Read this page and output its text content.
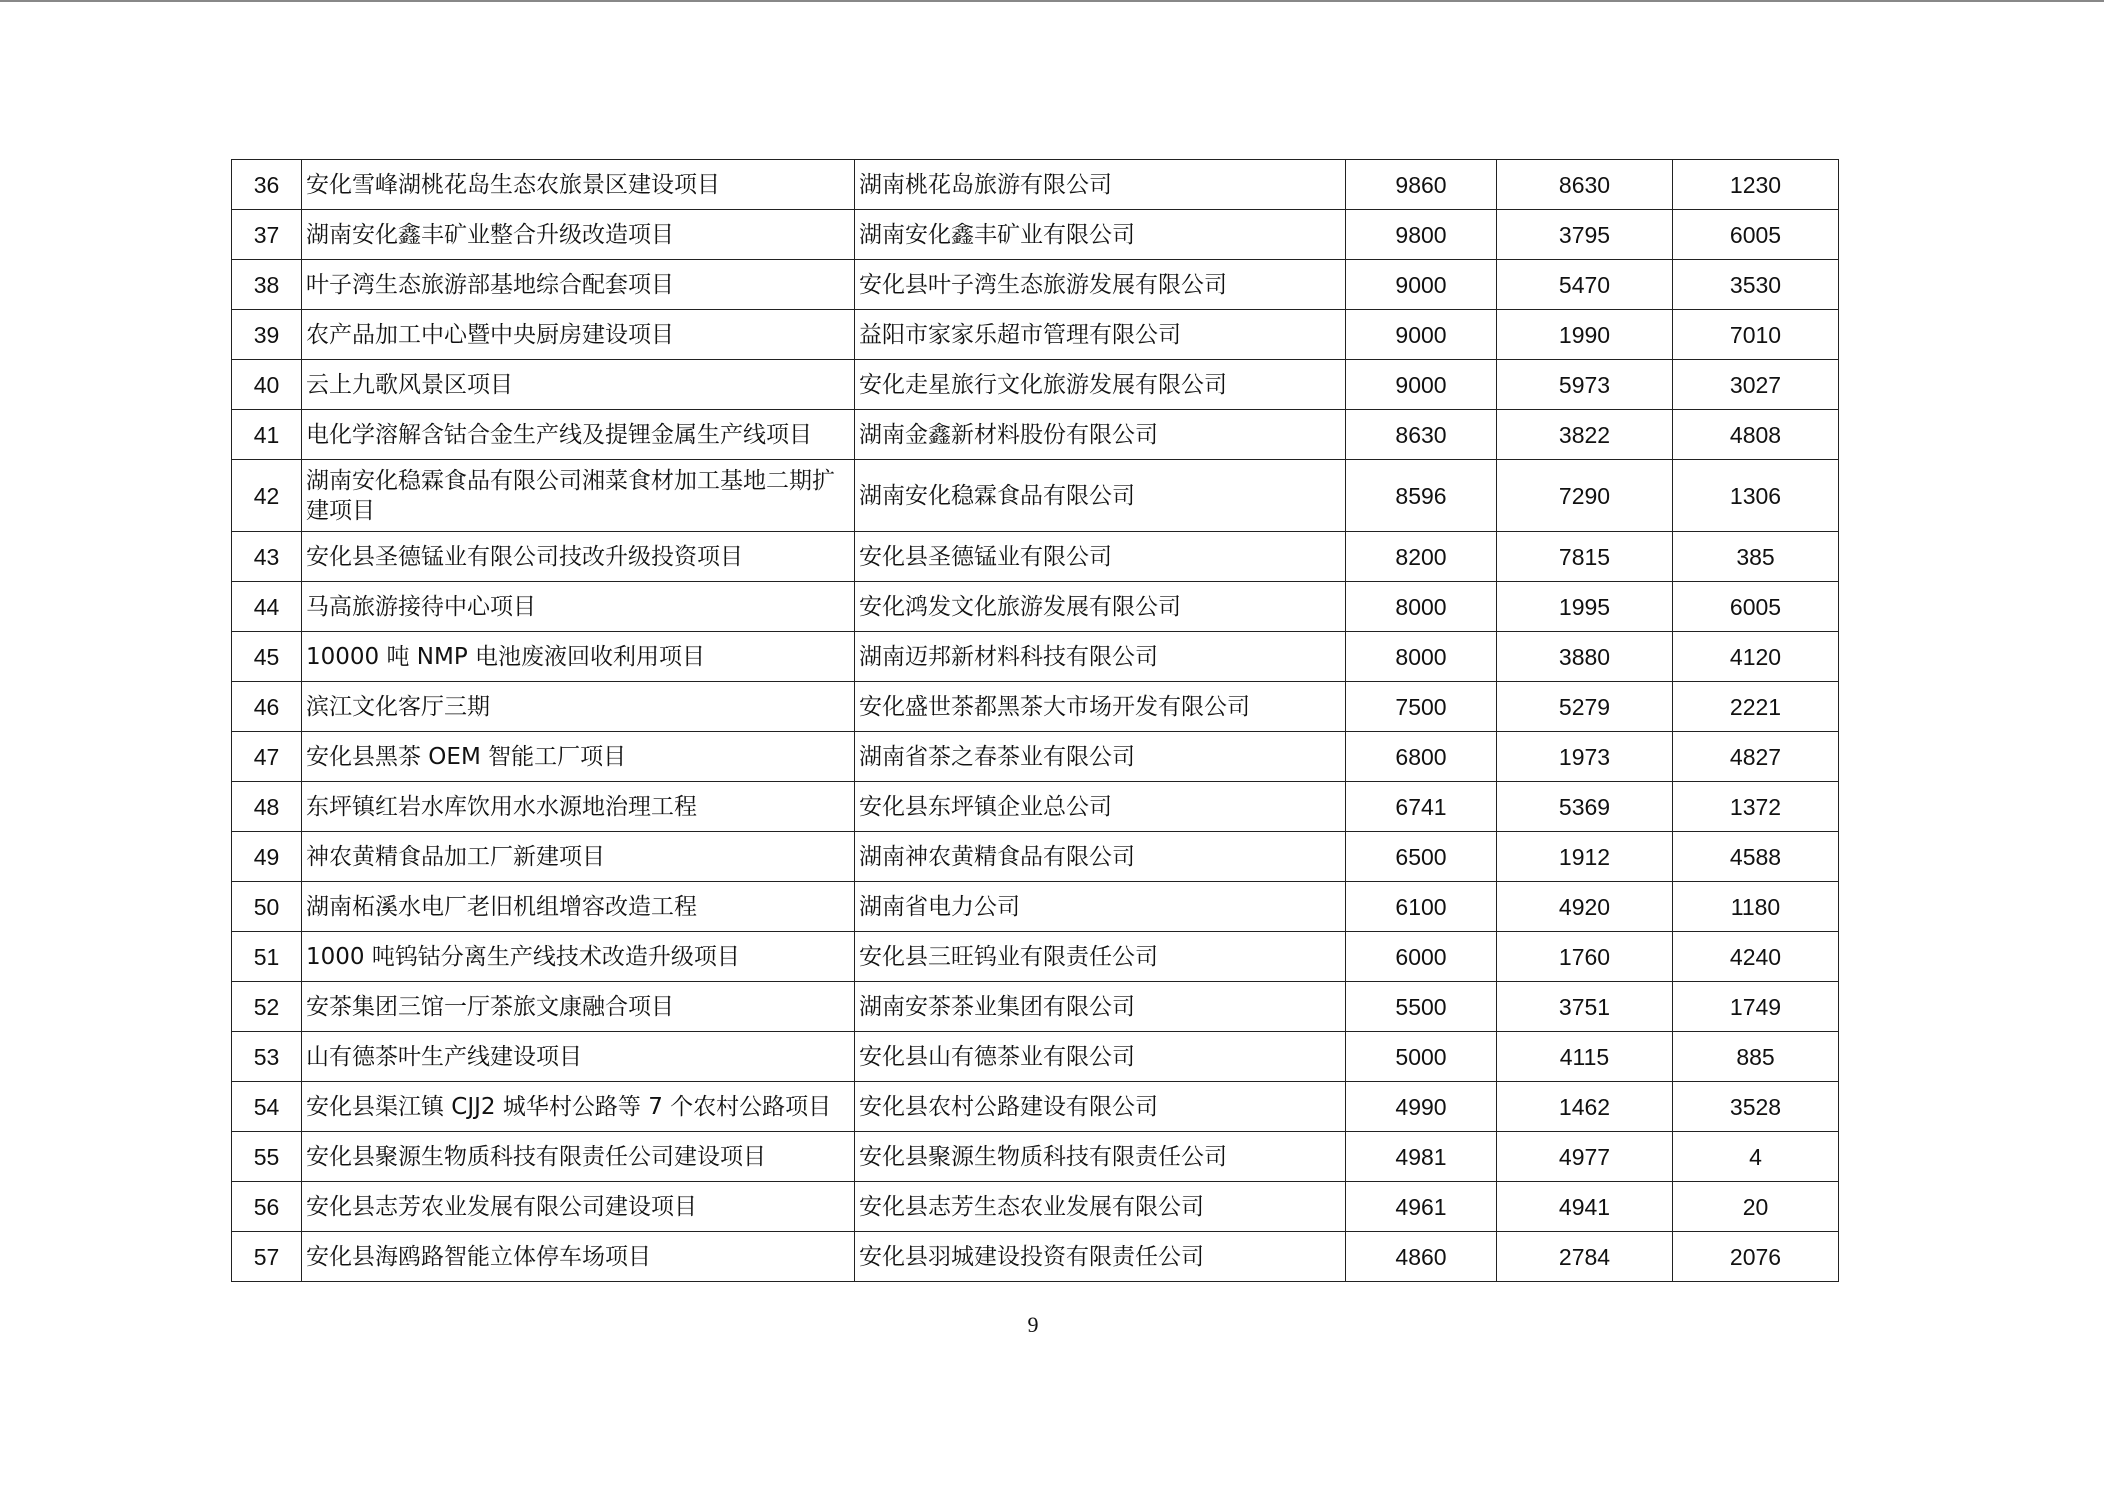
36	安化雪峰湖桃花岛生态农旅景区建设项目	湖南桃花岛旅游有限公司	9860	8630	1230
37	湖南安化鑫丰矿业整合升级改造项目	湖南安化鑫丰矿业有限公司	9800	3795	6005
38	叶子湾生态旅游部基地综合配套项目	安化县叶子湾生态旅游发展有限公司	9000	5470	3530
39	农产品加工中心暨中央厨房建设项目	益阳市家家乐超市管理有限公司	9000	1990	7010
40	云上九歌风景区项目	安化走星旅行文化旅游发展有限公司	9000	5973	3027
41	电化学溶解含钴合金生产线及提锂金属生产线项目	湖南金鑫新材料股份有限公司	8630	3822	4808
42	湖南安化稳霖食品有限公司湘菜食材加工基地二期扩建项目	湖南安化稳霖食品有限公司	8596	7290	1306
43	安化县圣德锰业有限公司技改升级投资项目	安化县圣德锰业有限公司	8200	7815	385
44	马高旅游接待中心项目	安化鸿发文化旅游发展有限公司	8000	1995	6005
45	10000 吨 NMP 电池废液回收利用项目	湖南迈邦新材料科技有限公司	8000	3880	4120
46	滨江文化客厅三期	安化盛世茶都黑茶大市场开发有限公司	7500	5279	2221
47	安化县黑茶 OEM 智能工厂项目	湖南省茶之春茶业有限公司	6800	1973	4827
48	东坪镇红岩水库饮用水水源地治理工程	安化县东坪镇企业总公司	6741	5369	1372
49	神农黄精食品加工厂新建项目	湖南神农黄精食品有限公司	6500	1912	4588
50	湖南柘溪水电厂老旧机组增容改造工程	湖南省电力公司	6100	4920	1180
51	1000 吨钨钴分离生产线技术改造升级项目	安化县三旺钨业有限责任公司	6000	1760	4240
52	安茶集团三馆一厅茶旅文康融合项目	湖南安茶茶业集团有限公司	5500	3751	1749
53	山有德茶叶生产线建设项目	安化县山有德茶业有限公司	5000	4115	885
54	安化县渠江镇 CJJ2 城华村公路等 7 个农村公路项目	安化县农村公路建设有限公司	4990	1462	3528
55	安化县聚源生物质科技有限责任公司建设项目	安化县聚源生物质科技有限责任公司	4981	4977	4
56	安化县志芳农业发展有限公司建设项目	安化县志芳生态农业发展有限公司	4961	4941	20
57	安化县海鸥路智能立体停车场项目	安化县羽城建设投资有限责任公司	4860	2784	2076
9
